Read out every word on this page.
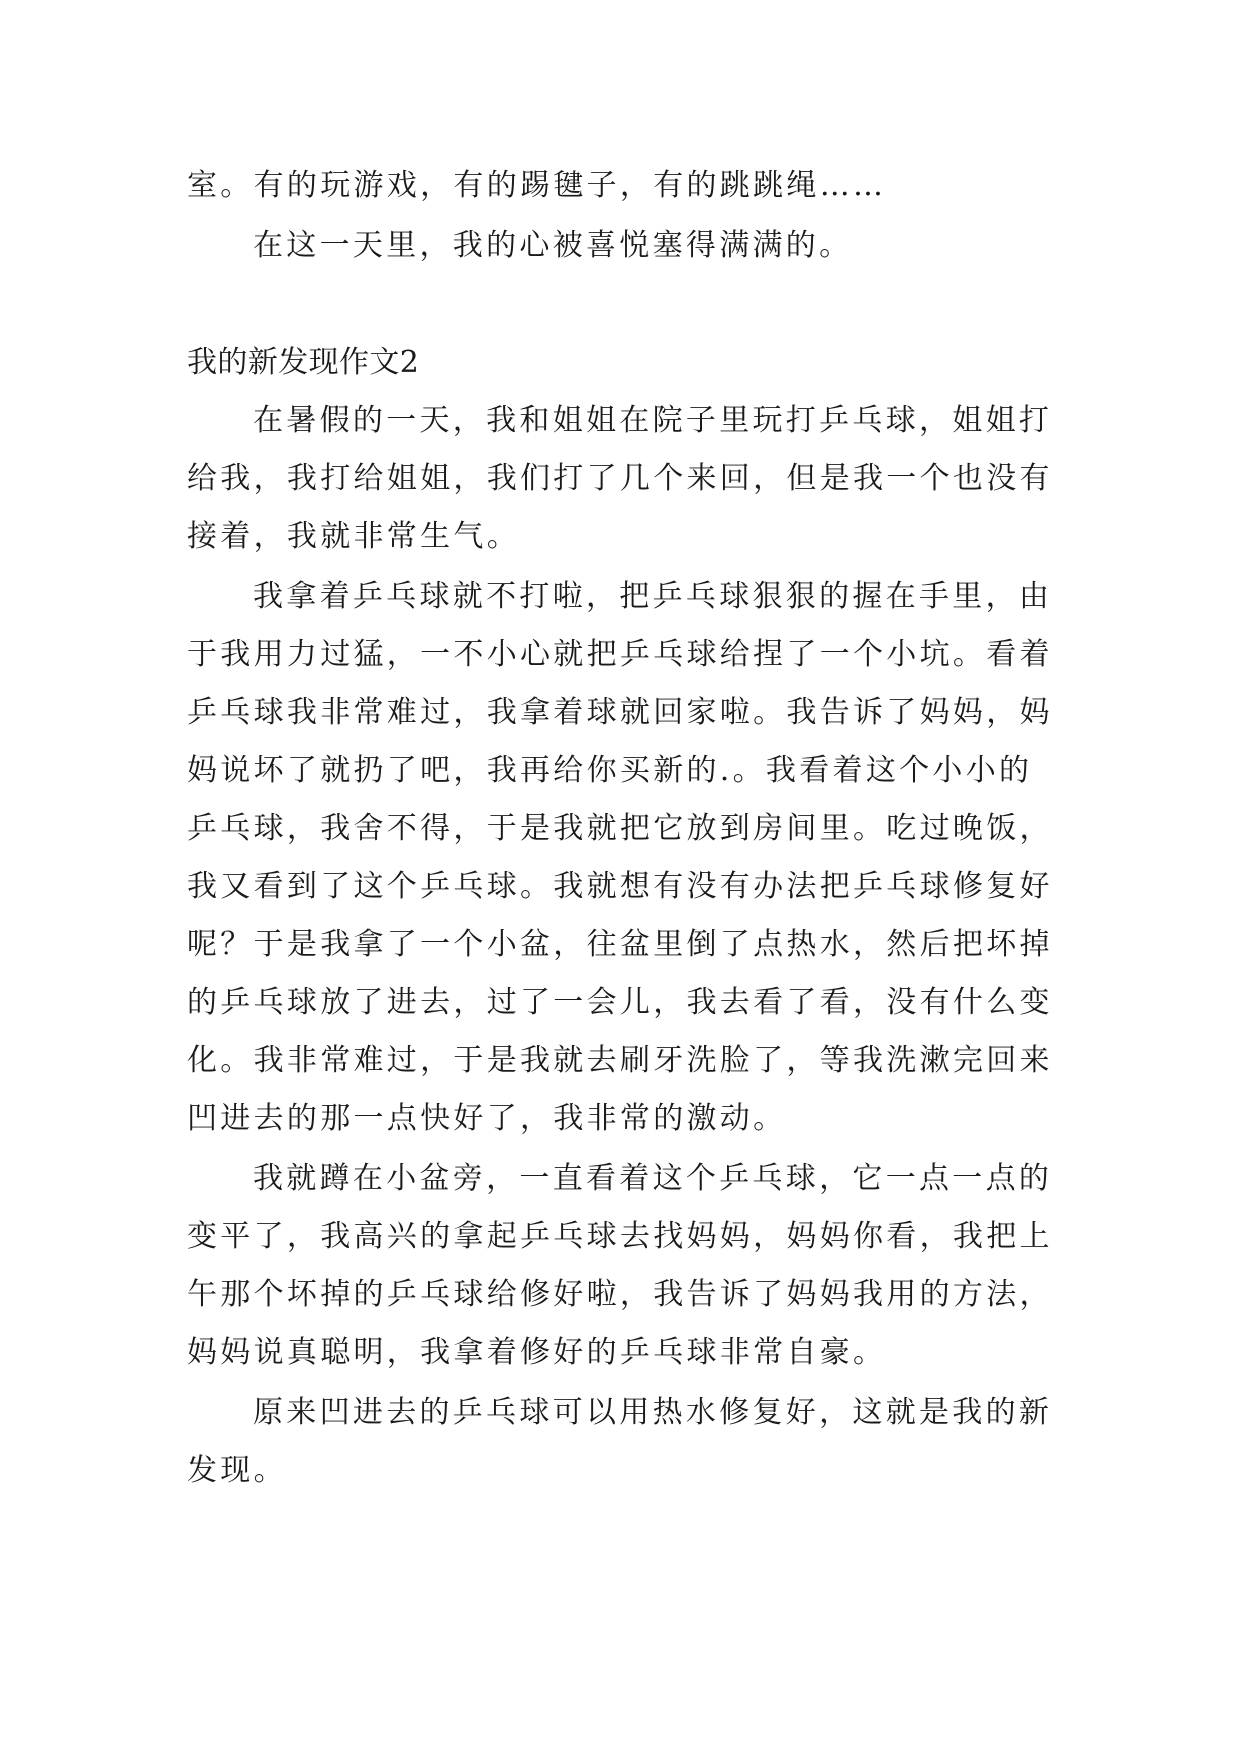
室。有的玩游戏，有的踢毽子，有的跳跳绳……
在这一天里，我的心被喜悦塞得满满的。
我的新发现作文2
在暑假的一天，我和姐姐在院子里玩打乒乓球，姐姐打
给我，我打给姐姐，我们打了几个来回，但是我一个也没有
接着，我就非常生气。
我拿着乒乓球就不打啦，把乒乓球狠狠的握在手里，由
于我用力过猛，一不小心就把乒乓球给捏了一个小坑。看着
乒乓球我非常难过，我拿着球就回家啦。我告诉了妈妈，妈
妈说坏了就扔了吧，我再给你买新的.。我看着这个小小的
乒乓球，我舍不得，于是我就把它放到房间里。吃过晚饭，
我又看到了这个乒乓球。我就想有没有办法把乒乓球修复好
呢？于是我拿了一个小盆，往盆里倒了点热水，然后把坏掉
的乒乓球放了进去，过了一会儿，我去看了看，没有什么变
化。我非常难过，于是我就去刷牙洗脸了，等我洗漱完回来
凹进去的那一点快好了，我非常的激动。
我就蹲在小盆旁，一直看着这个乒乓球，它一点一点的
变平了，我高兴的拿起乒乓球去找妈妈，妈妈你看，我把上
午那个坏掉的乒乓球给修好啦，我告诉了妈妈我用的方法，
妈妈说真聪明，我拿着修好的乒乓球非常自豪。
原来凹进去的乒乓球可以用热水修复好，这就是我的新
发现。
